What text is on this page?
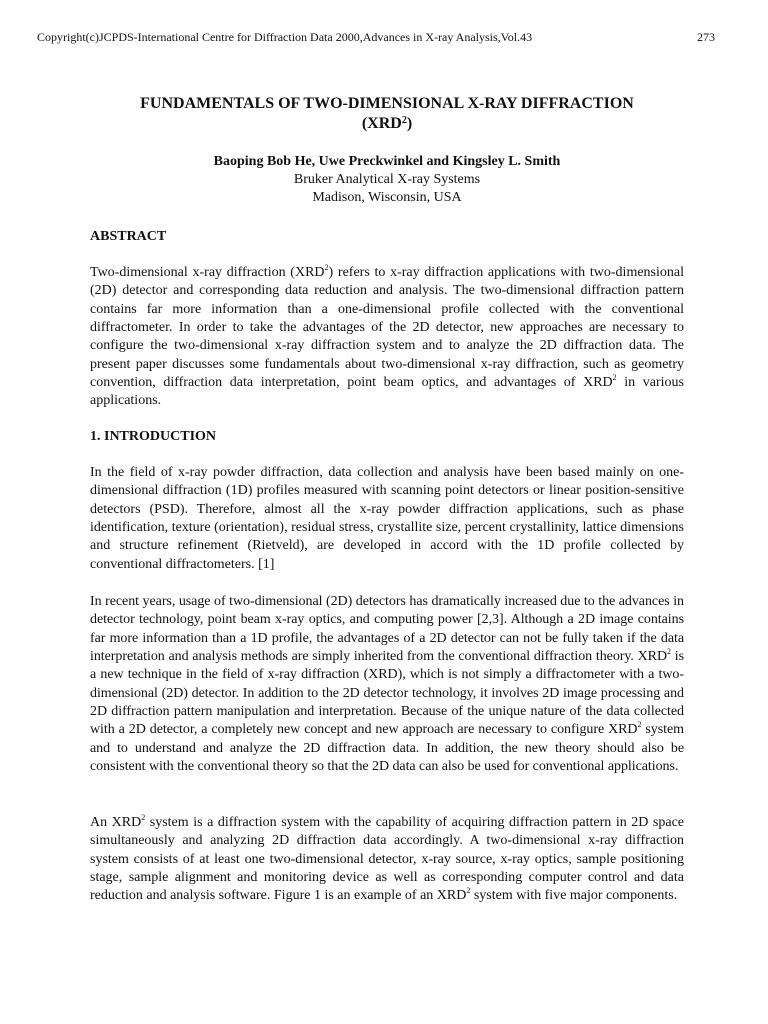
Copyright(c)JCPDS-International Centre for Diffraction Data 2000,Advances in X-ray Analysis,Vol.43	273
FUNDAMENTALS OF TWO-DIMENSIONAL X-RAY DIFFRACTION
(XRD$^2$)
Baoping Bob He, Uwe Preckwinkel and Kingsley L. Smith
Bruker Analytical X-ray Systems
Madison, Wisconsin, USA
ABSTRACT

Two-dimensional x-ray diffraction (XRD$^2$) refers to x-ray diffraction applications with two-dimensional (2D) detector and corresponding data reduction and analysis. The two-dimensional diffraction pattern contains far more information than a one-dimensional profile collected with the conventional diffractometer. In order to take the advantages of the 2D detector, new approaches are necessary to configure the two-dimensional x-ray diffraction system and to analyze the 2D diffraction data. The present paper discusses some fundamentals about two-dimensional x-ray diffraction, such as geometry convention, diffraction data interpretation, point beam optics, and advantages of XRD$^2$ in various applications.

1. INTRODUCTION

In the field of x-ray powder diffraction, data collection and analysis have been based mainly on one-dimensional diffraction (1D) profiles measured with scanning point detectors or linear position-sensitive detectors (PSD). Therefore, almost all the x-ray powder diffraction applications, such as phase identification, texture (orientation), residual stress, crystallite size, percent crystallinity, lattice dimensions and structure refinement (Rietveld), are developed in accord with the 1D profile collected by conventional diffractometers. [1]

In recent years, usage of two-dimensional (2D) detectors has dramatically increased due to the advances in detector technology, point beam x-ray optics, and computing power [2,3]. Although a 2D image contains far more information than a 1D profile, the advantages of a 2D detector can not be fully taken if the data interpretation and analysis methods are simply inherited from the conventional diffraction theory. XRD$^2$ is a new technique in the field of x-ray diffraction (XRD), which is not simply a diffractometer with a two-dimensional (2D) detector. In addition to the 2D detector technology, it involves 2D image processing and 2D diffraction pattern manipulation and interpretation. Because of the unique nature of the data collected with a 2D detector, a completely new concept and new approach are necessary to configure XRD$^2$ system and to understand and analyze the 2D diffraction data. In addition, the new theory should also be consistent with the conventional theory so that the 2D data can also be used for conventional applications.

An XRD$^2$ system is a diffraction system with the capability of acquiring diffraction pattern in 2D space simultaneously and analyzing 2D diffraction data accordingly. A two-dimensional x-ray diffraction system consists of at least one two-dimensional detector, x-ray source, x-ray optics, sample positioning stage, sample alignment and monitoring device as well as corresponding computer control and data reduction and analysis software. Figure 1 is an example of an XRD$^2$ system with five major components.
